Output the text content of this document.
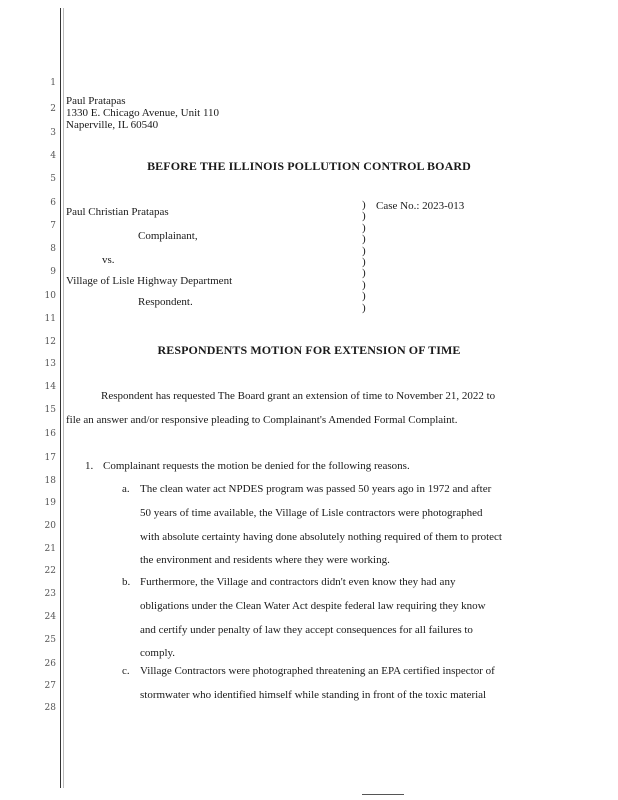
1
2
3
4
5
6
7
8
9
10
11
12
13
14
15
16
17
18
19
20
21
22
23
24
25
26
27
28
Paul Pratapas
1330 E. Chicago Avenue, Unit 110
Naperville, IL 60540
BEFORE THE ILLINOIS POLLUTION CONTROL BOARD
Paul Christian Pratapas
Complainant,
vs.
Village of Lisle Highway Department
Respondent.
)
)
)
)
)
)
)
)
)
)
Case No.: 2023-013
RESPONDENTS MOTION FOR EXTENSION OF TIME
Respondent has requested The Board grant an extension of time to November 21, 2022 to
file an answer and/or responsive pleading to Complainant's Amended Formal Complaint.
1. Complainant requests the motion be denied for the following reasons.
a. The clean water act NPDES program was passed 50 years ago in 1972 and after
50 years of time available, the Village of Lisle contractors were photographed
with absolute certainty having done absolutely nothing required of them to protect
the environment and residents where they were working.
b. Furthermore, the Village and contractors didn't even know they had any
obligations under the Clean Water Act despite federal law requiring they know
and certify under penalty of law they accept consequences for all failures to
comply.
c. Village Contractors were photographed threatening an EPA certified inspector of
stormwater who identified himself while standing in front of the toxic material
